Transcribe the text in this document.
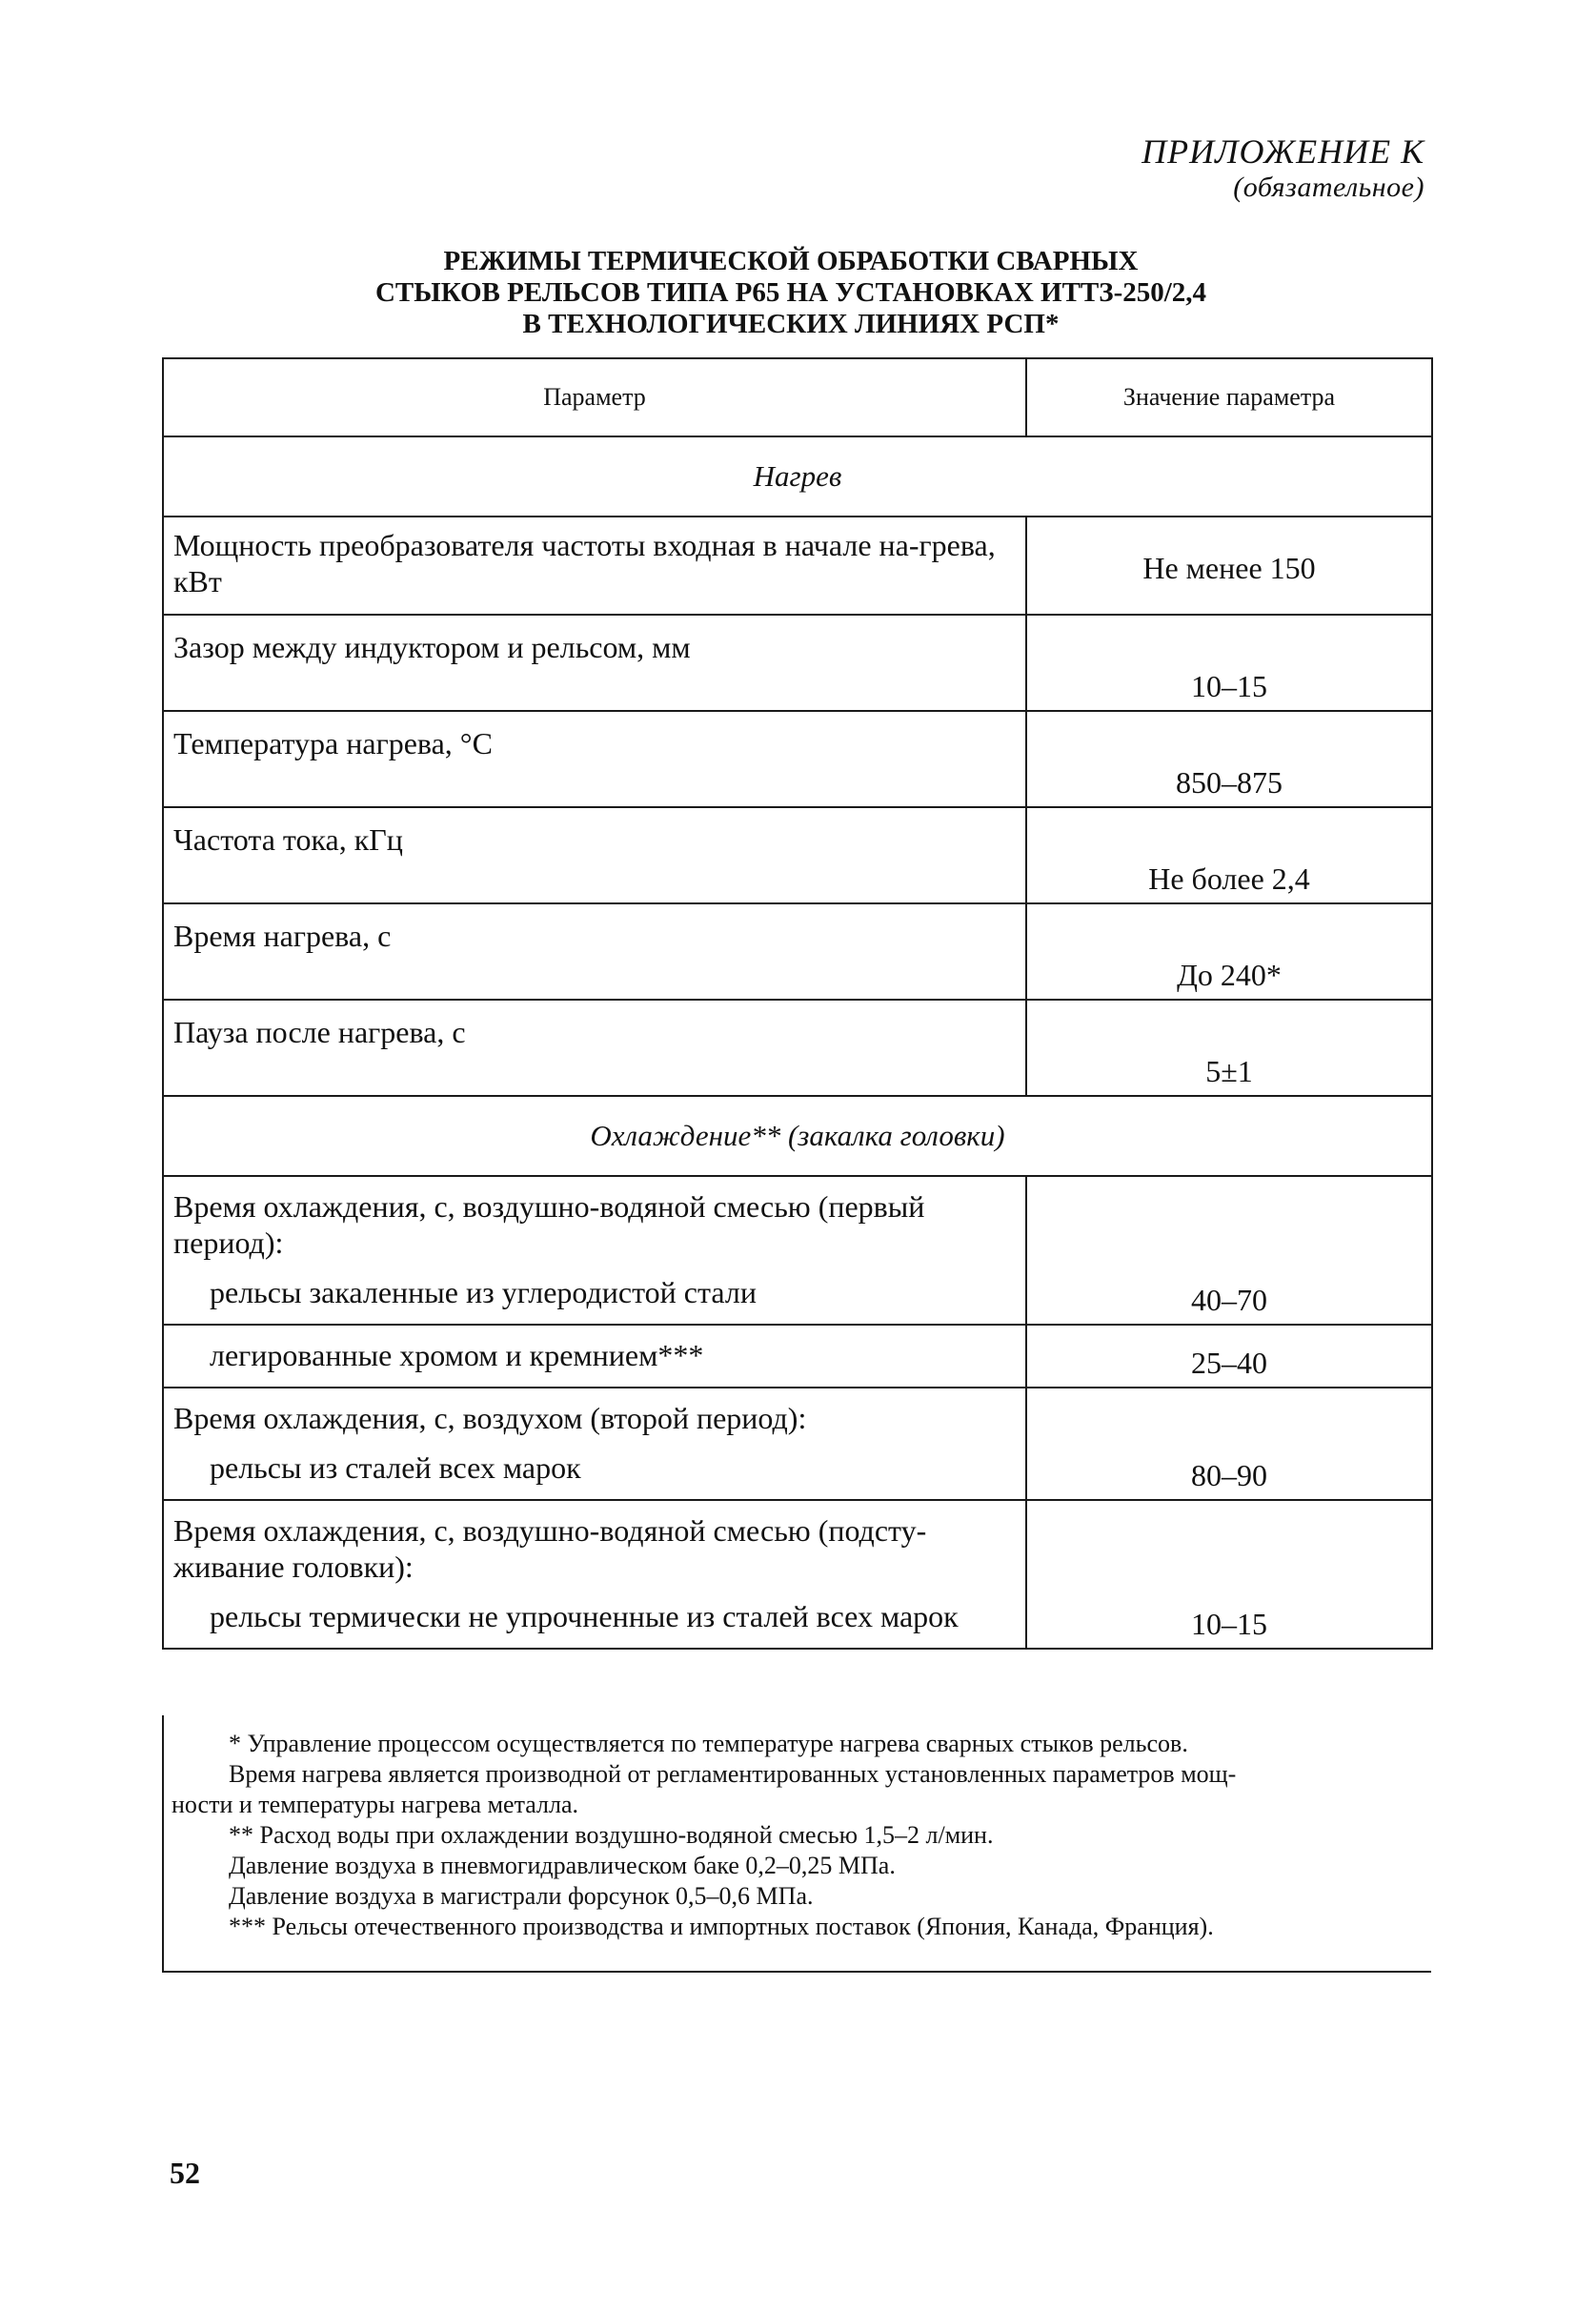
ПРИЛОЖЕНИЕ К
(обязательное)
РЕЖИМЫ ТЕРМИЧЕСКОЙ ОБРАБОТКИ СВАРНЫХ
СТЫКОВ РЕЛЬСОВ ТИПА Р65 НА УСТАНОВКАХ ИТТЗ-250/2,4
В ТЕХНОЛОГИЧЕСКИХ ЛИНИЯХ РСП*
Параметр	Значение параметра
Нагрев	
Мощность преобразователя частоты входная в начале на-грева, кВт	Не менее 150
Зазор между индуктором и рельсом, мм	10–15
Температура нагрева, °С	850–875
Частота тока, кГц	Не более 2,4
Время нагрева, с	До 240*
Пауза после нагрева, с	5±1
Охлаждение** (закалка головки)	
Время охлаждения, с, воздушно-водяной смесью (первый период):
рельсы закаленные из углеродистой стали	40–70

легированные хромом и кремнием***	25–40
Время охлаждения, с, воздухом (второй период):
рельсы из сталей всех марок	80–90
Время охлаждения, с, воздушно-водяной смесью (подсту-живание головки):
рельсы термически не упрочненные из сталей всех марок	10–15

* Управление процессом осуществляется по температуре нагрева сварных стыков рельсов.

Время нагрева является производной от регламентированных установленных параметров мощ-

ности и температуры нагрева металла.

** Расход воды при охлаждении воздушно-водяной смесью 1,5–2 л/мин.

Давление воздуха в пневмогидравлическом баке 0,2–0,25 МПа.

Давление воздуха в магистрали форсунок 0,5–0,6 МПа.

*** Рельсы отечественного производства и импортных поставок (Япония, Канада, Франция).

52
